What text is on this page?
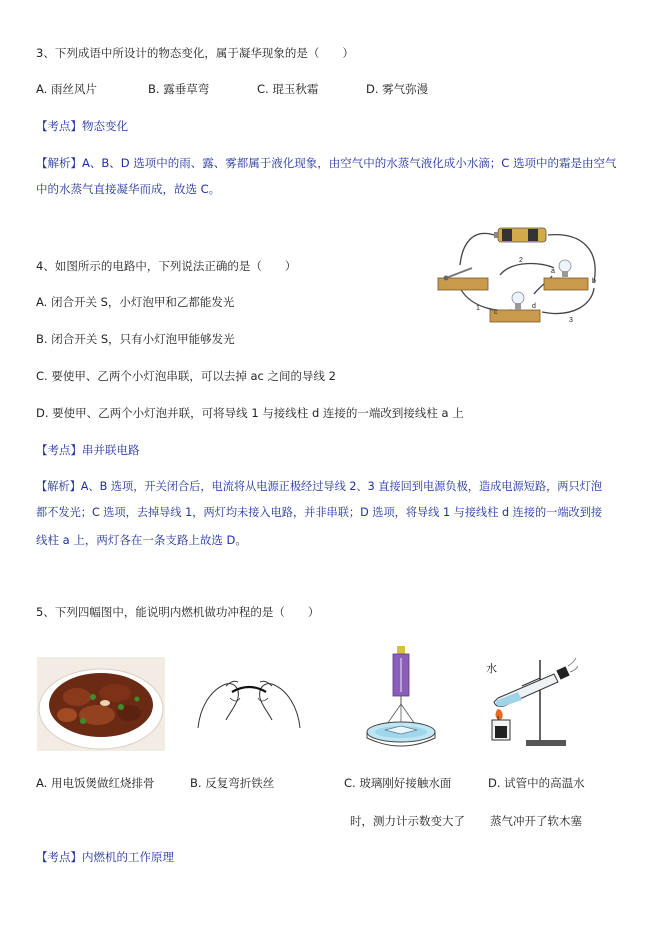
3、下列成语中所设计的物态变化，属于凝华现象的是（　　）
A. 雨丝风片	B. 露垂草弯	C. 琨玉秋霜	D. 雾气弥漫
【考点】物态变化
【解析】A、B、D 选项中的雨、露、雾都属于液化现象，由空气中的水蒸气液化成小水滴；C 选项中的霜是由空气
中的水蒸气直接凝华而成，故选 C。
4、如图所示的电路中，下列说法正确的是（　　）
A. 闭合开关 S，小灯泡甲和乙都能发光
B. 闭合开关 S，只有小灯泡甲能够发光
C. 要使甲、乙两个小灯泡串联，可以去掉 ac 之间的导线 2
D. 要使甲、乙两个小灯泡并联，可将导线 1 与接线柱 d 连接的一端改到接线柱 a 上
【考点】串并联电路
【解析】A、B 选项，开关闭合后，电流将从电源正极经过导线 2、3 直接回到电源负极，造成电源短路，两只灯泡
都不发光；C 选项，去掉导线 1，两灯均未接入电路，并非串联；D 选项，将导线 1 与接线柱 d 连接的一端改到接
线柱 a 上，两灯各在一条支路上故选 D。
2
a
b
c
d
1
3
5、下列四幅图中，能说明内燃机做功冲程的是（　　）
水
A. 用电饭煲做红烧排骨	B. 反复弯折铁丝	C. 玻璃刚好接触水面	D. 试管中的高温水
时，测力计示数变大了 蒸气冲开了软木塞
【考点】内燃机的工作原理
